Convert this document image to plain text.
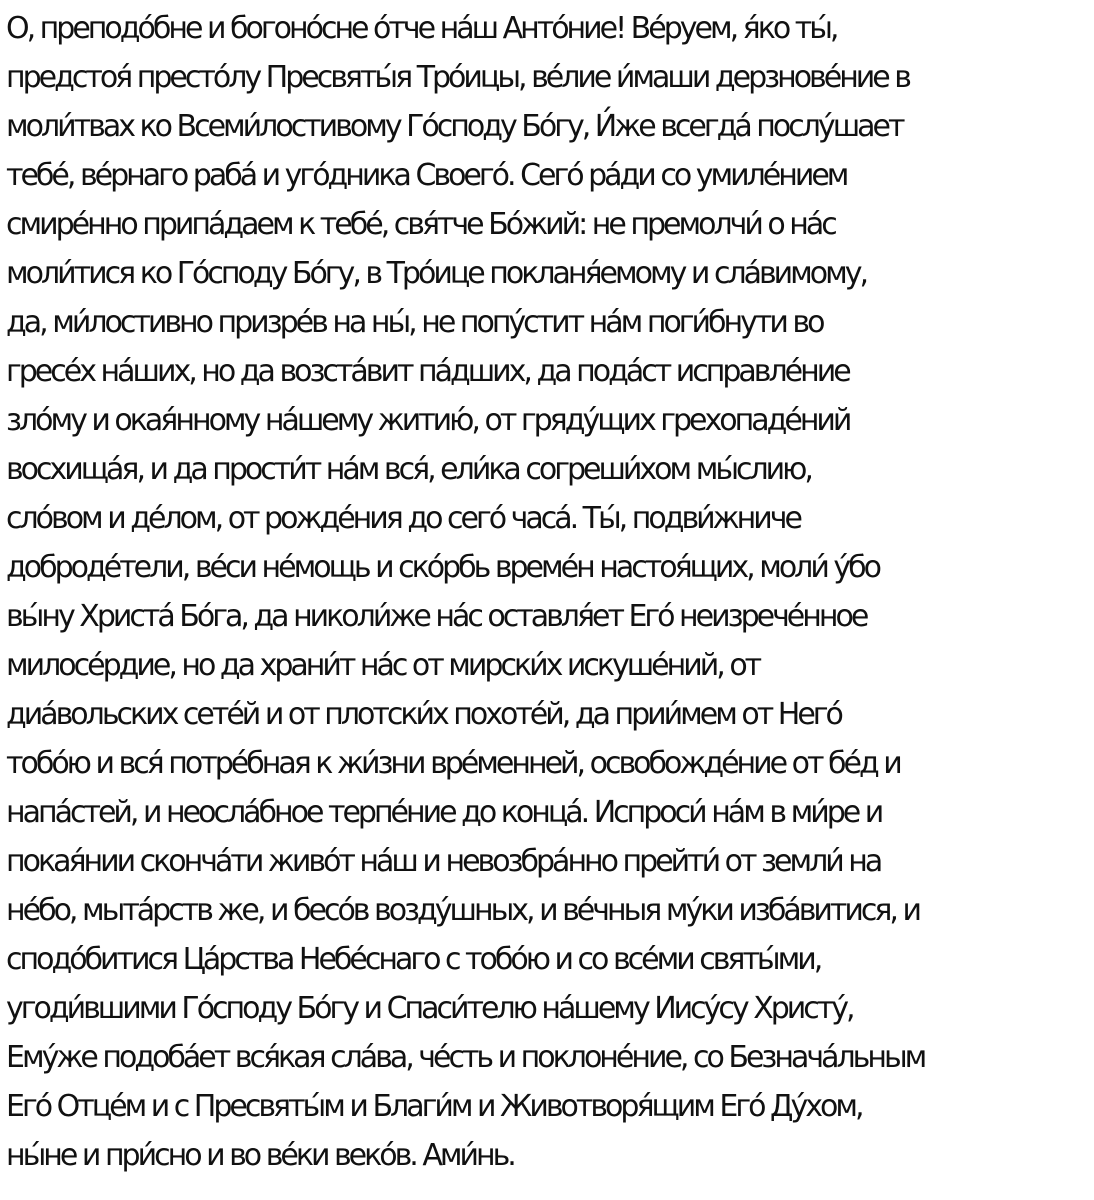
О, преподо́бне и богоно́сне о́тче на́ш Анто́ние! Ве́руем, я́ко ты́,
предстоя́ престо́лу Пресвяты́я Тро́ицы, ве́лие и́маши дерзнове́ние в
моли́твах ко Всеми́лостивому Го́споду Бо́гу, И́же всегда́ послу́шает
тебе́, ве́рнаго раба́ и уго́дника Своего́. Сего́ ра́ди со умиле́нием
смире́нно припа́даем к тебе́, свя́тче Бо́жий: не премолчи́ о на́с
моли́тися ко Го́споду Бо́гу, в Тро́ице покланя́емому и сла́вимому,
да, ми́лостивно призре́в на ны́, не попу́стит на́м поги́бнути во
гресе́х на́ших, но да возста́вит па́дших, да пода́ст исправле́ние
зло́му и окая́нному на́шему житию́, от гряду́щих грехопаде́ний
восхища́я, и да прости́т на́м вся́, ели́ка согреши́хом мы́слию,
сло́вом и де́лом, от рожде́ния до сего́ часа́. Ты́, подви́жниче
доброде́тели, ве́си не́мощь и ско́рбь време́н настоя́щих, моли́ у́бо
вы́ну Христа́ Бо́га, да николи́же на́с оставля́ет Его́ неизрече́нное
милосе́рдие, но да храни́т на́с от мирски́х искуше́ний, от
диа́вольских сете́й и от плотски́х похоте́й, да прии́мем от Него́
тобо́ю и вся́ потре́бная к жи́зни вре́менней, освобожде́ние от бе́д и
напа́стей, и неосла́бное терпе́ние до конца́. Испроси́ на́м в ми́ре и
покая́нии сконча́ти живо́т на́ш и невозбра́нно прейти́ от земли́ на
не́бо, мыта́рств же, и бесо́в возду́шных, и ве́чныя му́ки изба́витися, и
сподо́битися Ца́рства Небе́снаго с тобо́ю и со все́ми святы́ми,
угоди́вшими Го́споду Бо́гу и Спаси́телю на́шему Иису́су Христу́,
Ему́же подоба́ет вся́кая сла́ва, че́сть и поклоне́ние, со Безнача́льным
Его́ Отце́м и с Пресвяты́м и Благи́м и Животворя́щим Его́ Ду́хом,
ны́не и при́сно и во ве́ки веко́в. Ами́нь.
